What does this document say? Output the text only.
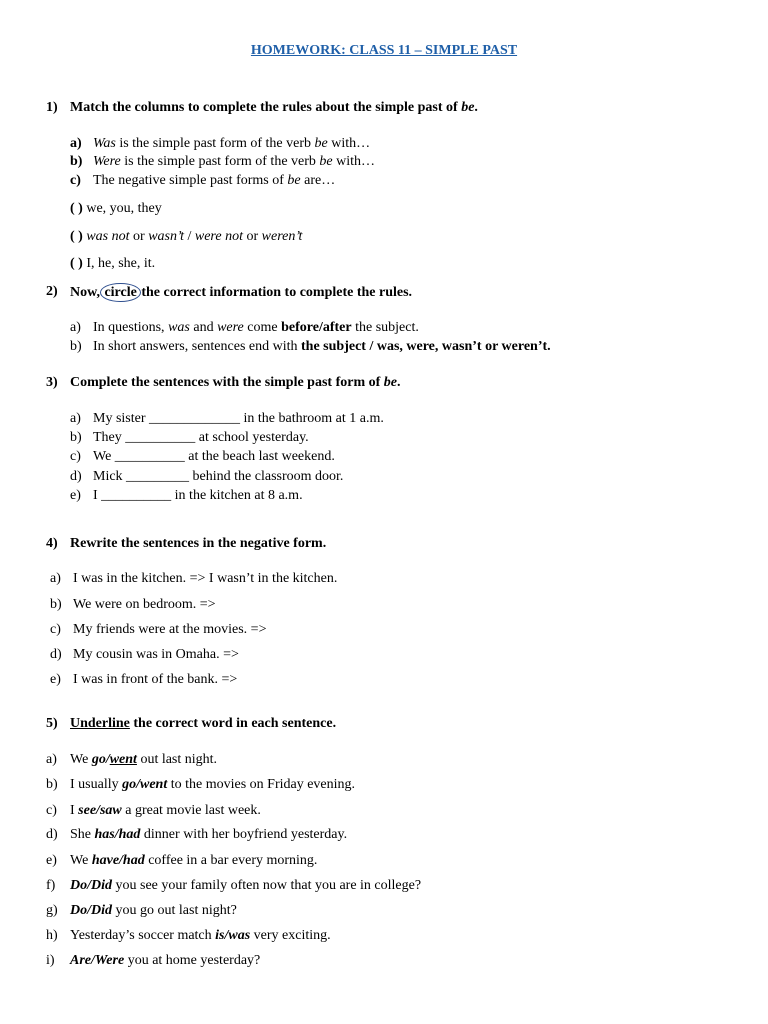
HOMEWORK: CLASS 11 – SIMPLE PAST
1) Match the columns to complete the rules about the simple past of be.
a) Was is the simple past form of the verb be with…
b) Were is the simple past form of the verb be with…
c) The negative simple past forms of be are…
( ) we, you, they
( ) was not or wasn’t / were not or weren’t
( ) I, he, she, it.
2) Now, circle the correct information to complete the rules.
a) In questions, was and were come before/after the subject.
b) In short answers, sentences end with the subject / was, were, wasn’t or weren’t.
3) Complete the sentences with the simple past form of be.
a) My sister _____________ in the bathroom at 1 a.m.
b) They __________ at school yesterday.
c) We __________ at the beach last weekend.
d) Mick _________ behind the classroom door.
e) I __________ in the kitchen at 8 a.m.
4) Rewrite the sentences in the negative form.
a) I was in the kitchen. => I wasn’t in the kitchen.
b) We were on bedroom. =>
c) My friends were at the movies. =>
d) My cousin was in Omaha. =>
e) I was in front of the bank. =>
5) Underline the correct word in each sentence.
a) We go/went out last night.
b) I usually go/went to the movies on Friday evening.
c) I see/saw a great movie last week.
d) She has/had dinner with her boyfriend yesterday.
e) We have/had coffee in a bar every morning.
f) Do/Did you see your family often now that you are in college?
g) Do/Did you go out last night?
h) Yesterday’s soccer match is/was very exciting.
i) Are/Were you at home yesterday?
